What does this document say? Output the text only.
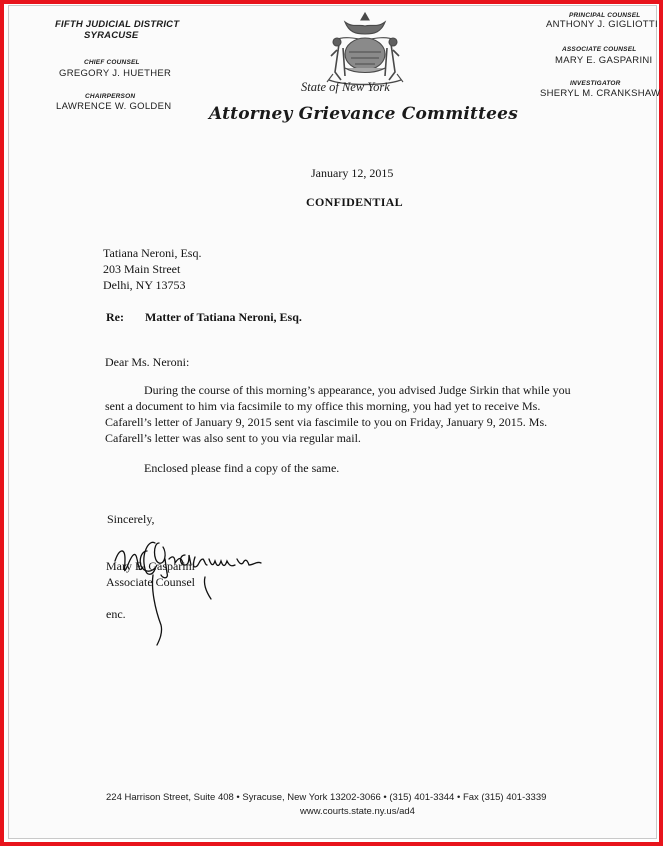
FIFTH JUDICIAL DISTRICT
SYRACUSE
CHIEF COUNSEL
GREGORY J. HUETHER
CHAIRPERSON
LAWRENCE W. GOLDEN
State of New York
Attorney Grievance Committees
PRINCIPAL COUNSEL
ANTHONY J. GIGLIOTTI
ASSOCIATE COUNSEL
MARY E. GASPARINI
INVESTIGATOR
SHERYL M. CRANKSHAW
January 12, 2015
CONFIDENTIAL
Tatiana Neroni, Esq.
203 Main Street
Delhi, NY 13753
Re: Matter of Tatiana Neroni, Esq.
Dear Ms. Neroni:
During the course of this morning’s appearance, you advised Judge Sirkin that while you
sent a document to him via facsimile to my office this morning, you had yet to receive Ms.
Cafarell’s letter of January 9, 2015 sent via fascimile to you on Friday, January 9, 2015. Ms.
Cafarell’s letter was also sent to you via regular mail.
Enclosed please find a copy of the same.
Sincerely,
Mary E. Gasparini
Associate Counsel
enc.
224 Harrison Street, Suite 408 • Syracuse, New York 13202-3066 • (315) 401-3344 • Fax (315) 401-3339
www.courts.state.ny.us/ad4
